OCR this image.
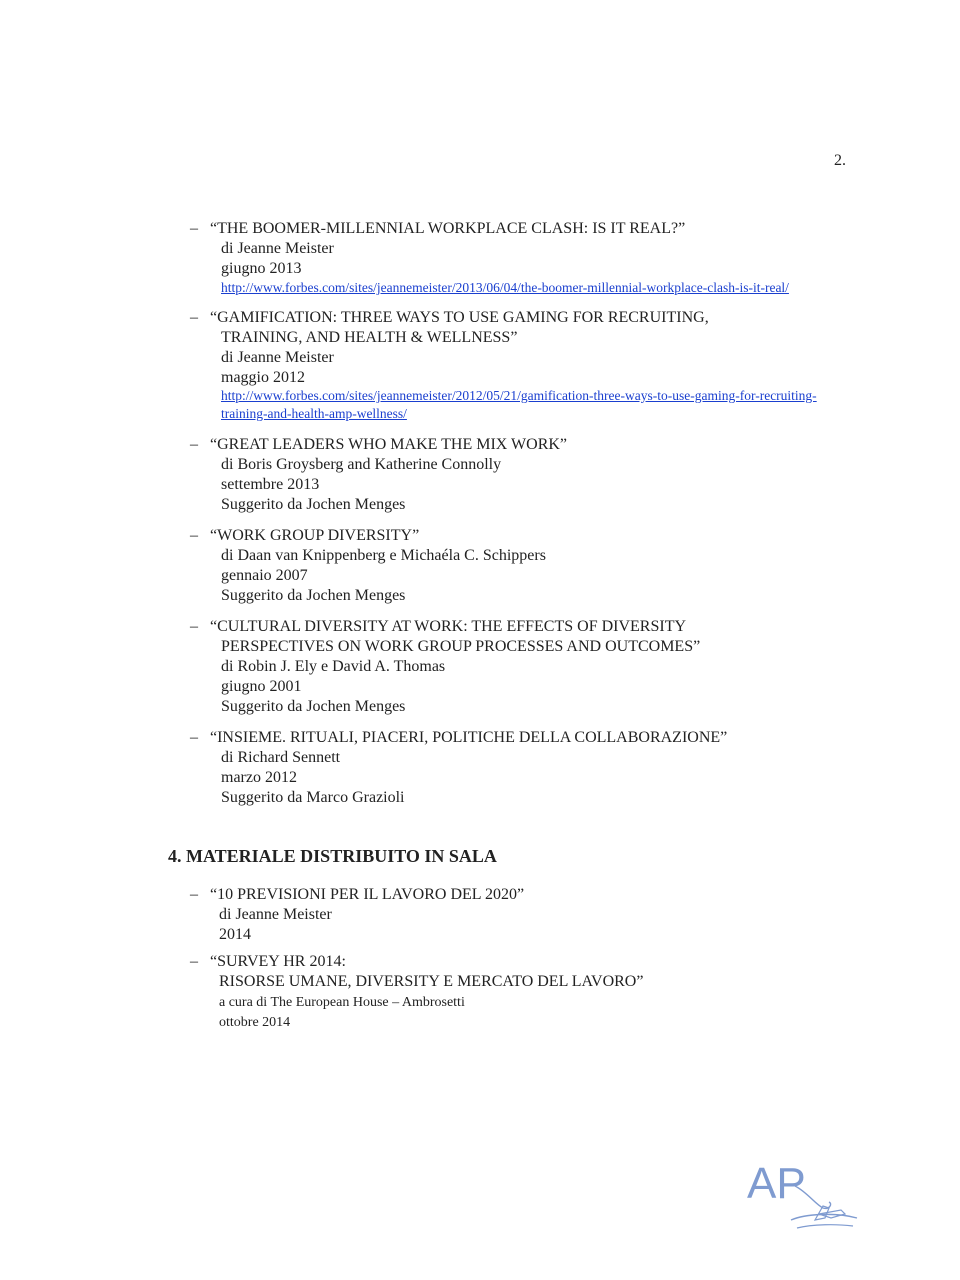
2.
– “THE BOOMER-MILLENNIAL WORKPLACE CLASH: IS IT REAL?”
di Jeanne Meister
giugno 2013
http://www.forbes.com/sites/jeannemeister/2013/06/04/the-boomer-millennial-workplace-clash-is-it-real/
– “GAMIFICATION: THREE WAYS TO USE GAMING FOR RECRUITING,
TRAINING, AND HEALTH & WELLNESS”
di Jeanne Meister
maggio 2012
http://www.forbes.com/sites/jeannemeister/2012/05/21/gamification-three-ways-to-use-gaming-for-recruiting-
training-and-health-amp-wellness/
– “GREAT LEADERS WHO MAKE THE MIX WORK”
di Boris Groysberg and Katherine Connolly
settembre 2013
Suggerito da Jochen Menges
– “WORK GROUP DIVERSITY”
di Daan van Knippenberg e Michaéla C. Schippers
gennaio 2007
Suggerito da Jochen Menges
– “CULTURAL DIVERSITY AT WORK: THE EFFECTS OF DIVERSITY
PERSPECTIVES ON WORK GROUP PROCESSES AND OUTCOMES”
di Robin J. Ely e David A. Thomas
giugno 2001
Suggerito da Jochen Menges
– “INSIEME. RITUALI, PIACERI, POLITICHE DELLA COLLABORAZIONE”
di Richard Sennett
marzo 2012
Suggerito da Marco Grazioli
4. MATERIALE DISTRIBUITO IN SALA
– “10 PREVISIONI PER IL LAVORO DEL 2020”
di Jeanne Meister
2014
– “SURVEY HR 2014:
RISORSE UMANE, DIVERSITY E MERCATO DEL LAVORO”
a cura di The European House – Ambrosetti
ottobre 2014
AP
